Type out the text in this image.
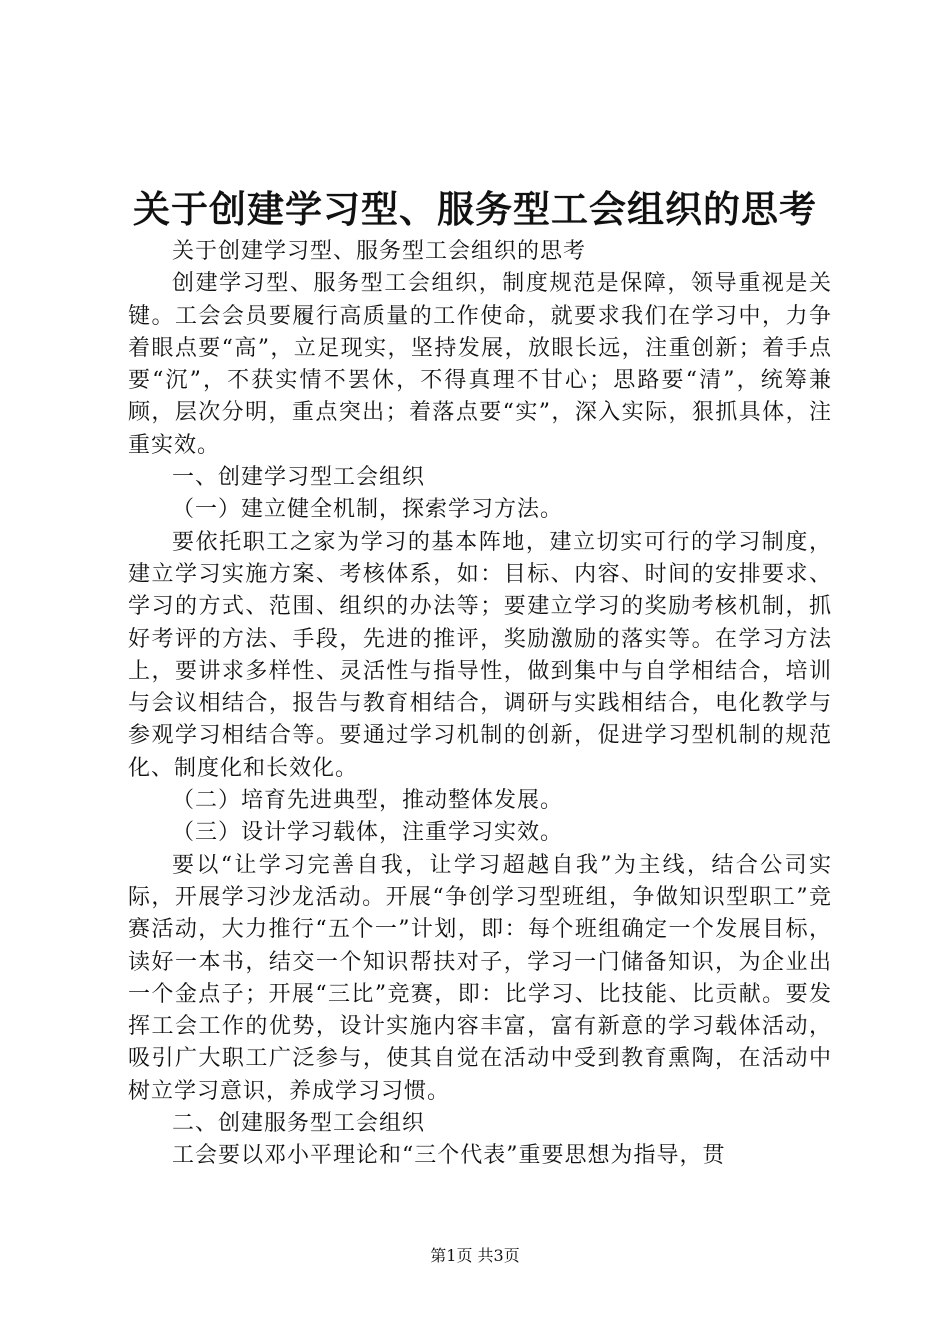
关于创建学习型、服务型工会组织的思考

关于创建学习型、服务型工会组织的思考

创建学习型、服务型工会组织，制度规范是保障，领导重视是关键。工会会员要履行高质量的工作使命，就要求我们在学习中，力争着眼点要“高”，立足现实，坚持发展，放眼长远，注重创新；着手点要“沉”，不获实情不罢休，不得真理不甘心；思路要“清”，统筹兼顾，层次分明，重点突出；着落点要“实”，深入实际，狠抓具体，注重实效。

一、创建学习型工会组织

（一）建立健全机制，探索学习方法。

要依托职工之家为学习的基本阵地，建立切实可行的学习制度，建立学习实施方案、考核体系，如：目标、内容、时间的安排要求、学习的方式、范围、组织的办法等；要建立学习的奖励考核机制，抓好考评的方法、手段，先进的推评，奖励激励的落实等。在学习方法上，要讲求多样性、灵活性与指导性，做到集中与自学相结合，培训与会议相结合，报告与教育相结合，调研与实践相结合，电化教学与参观学习相结合等。要通过学习机制的创新，促进学习型机制的规范化、制度化和长效化。

（二）培育先进典型，推动整体发展。

（三）设计学习载体，注重学习实效。

要以“让学习完善自我，让学习超越自我”为主线，结合公司实际，开展学习沙龙活动。开展“争创学习型班组，争做知识型职工”竞赛活动，大力推行“五个一”计划，即：每个班组确定一个发展目标，读好一本书，结交一个知识帮扶对子，学习一门储备知识，为企业出一个金点子；开展“三比”竞赛，即：比学习、比技能、比贡献。要发挥工会工作的优势，设计实施内容丰富，富有新意的学习载体活动，吸引广大职工广泛参与，使其自觉在活动中受到教育熏陶，在活动中树立学习意识，养成学习习惯。

二、创建服务型工会组织

工会要以邓小平理论和“三个代表”重要思想为指导，贯

第1页 共3页
